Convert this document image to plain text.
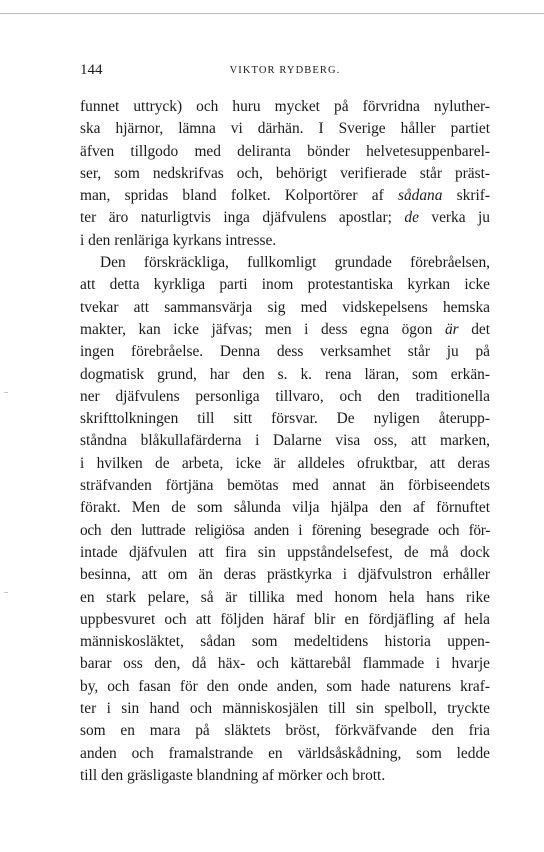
144	VIKTOR RYDBERG.
funnet uttryck) och huru mycket på förvridna nyluther-
ska hjärnor, lämna vi därhän. I Sverige håller partiet
äfven tillgodo med deliranta bönder helvetesuppenbarel-
ser, som nedskrifvas och, behörigt verifierade står präst-
man, spridas bland folket. Kolportörer af sådana skrif-
ter äro naturligtvis inga djäfvulens apostlar; de verka ju
i den renläriga kyrkans intresse.
Den förskräckliga, fullkomligt grundade förebråelsen,
att detta kyrkliga parti inom protestantiska kyrkan icke
tvekar att sammansvärja sig med vidskepelsens hemska
makter, kan icke jäfvas; men i dess egna ögon är det
ingen förebråelse. Denna dess verksamhet står ju på
dogmatisk grund, har den s. k. rena läran, som erkän-
ner djäfvulens personliga tillvaro, och den traditionella
skrifttolkningen till sitt försvar. De nyligen återupp-
ståndna blåkullafärderna i Dalarne visa oss, att marken,
i hvilken de arbeta, icke är alldeles ofruktbar, att deras
sträfvanden förtjäna bemötas med annat än förbiseendets
förakt. Men de som sålunda vilja hjälpa den af förnuftet
och den luttrade religiösa anden i förening besegrade och för-
intade djäfvulen att fira sin uppståndelsefest, de må dock
besinna, att om än deras prästkyrka i djäfvulstron erhåller
en stark pelare, så är tillika med honom hela hans rike
uppbesvuret och att följden häraf blir en fördjäfling af hela
människosläktet, sådan som medeltidens historia uppen-
barar oss den, då häx- och kättarebål flammade i hvarje
by, och fasan för den onde anden, som hade naturens kraf-
ter i sin hand och människosjälen till sin spelboll, tryckte
som en mara på släktets bröst, förkväfvande den fria
anden och framalstrande en världsåskådning, som ledde
till den gräsligaste blandning af mörker och brott.
